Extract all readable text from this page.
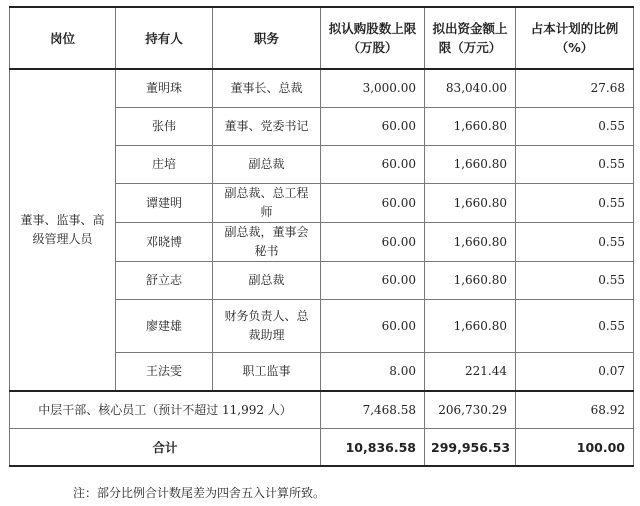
岗位	持有人	职务	拟认购股数上限（万股）	拟出资金额上限（万元）	占本计划的比例（%）
董事、监事、高级管理人员	董明珠	董事长、总裁	3,000.00	83,040.00	27.68
	张伟	董事、党委书记	60.00	1,660.80	0.55
	庄培	副总裁	60.00	1,660.80	0.55
	谭建明	副总裁、总工程师	60.00	1,660.80	0.55
	邓晓博	副总裁，董事会秘书	60.00	1,660.80	0.55
	舒立志	副总裁	60.00	1,660.80	0.55
	廖建雄	财务负责人、总裁助理	60.00	1,660.80	0.55
	王法雯	职工监事	8.00	221.44	0.07
中层干部、核心员工（预计不超过 11,992 人）			7,468.58	206,730.29	68.92
合计			10,836.58	299,956.53	100.00
注：部分比例合计数尾差为四舍五入计算所致。
